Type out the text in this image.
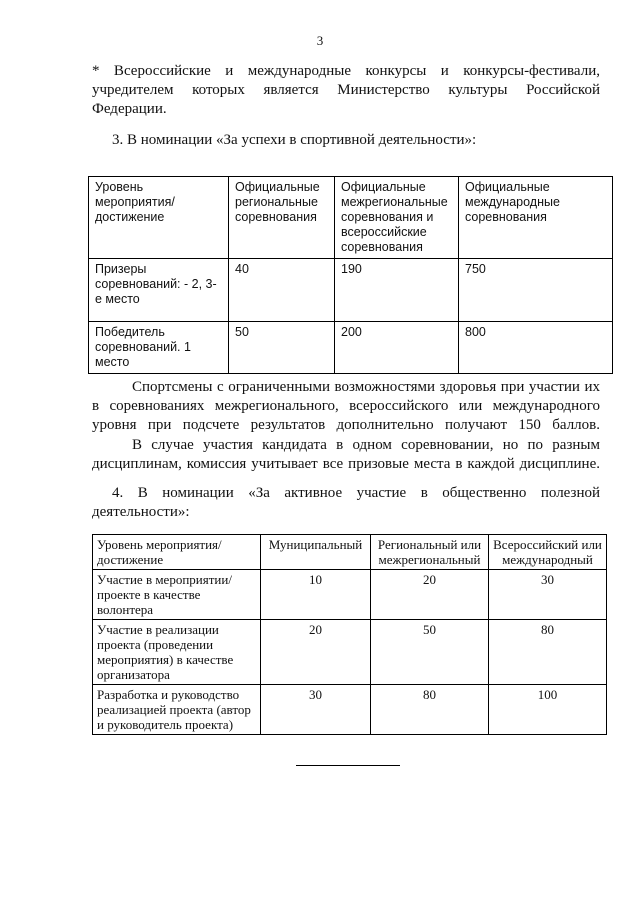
3
* Всероссийские и международные конкурсы и конкурсы-фестивали, учредителем которых является Министерство культуры Российской Федерации.
3. В номинации «За успехи в спортивной деятельности»:
Уровень мероприятия/ достижение	Официальные региональные соревнования	Официальные межрегиональные соревнования и всероссийские соревнования	Официальные международные соревнования
Призеры соревнований: - 2, 3-е место	40	190	750
Победитель соревнований. 1 место	50	200	800
Спортсмены с ограниченными возможностями здоровья при участии их в соревнованиях межрегионального, всероссийского или международного уровня при подсчете результатов дополнительно получают 150 баллов.
В случае участия кандидата в одном соревновании, но по разным дисциплинам, комиссия учитывает все призовые места в каждой дисциплине.
4. В номинации «За активное участие в общественно полезной деятельности»:
Уровень мероприятия/ достижение	Муниципальный	Региональный или межрегиональный	Всероссийский или международный
Участие в мероприятии/ проекте в качестве волонтера	10	20	30
Участие в реализации проекта (проведении мероприятия) в качестве организатора	20	50	80
Разработка и руководство реализацией проекта (автор и руководитель проекта)	30	80	100
